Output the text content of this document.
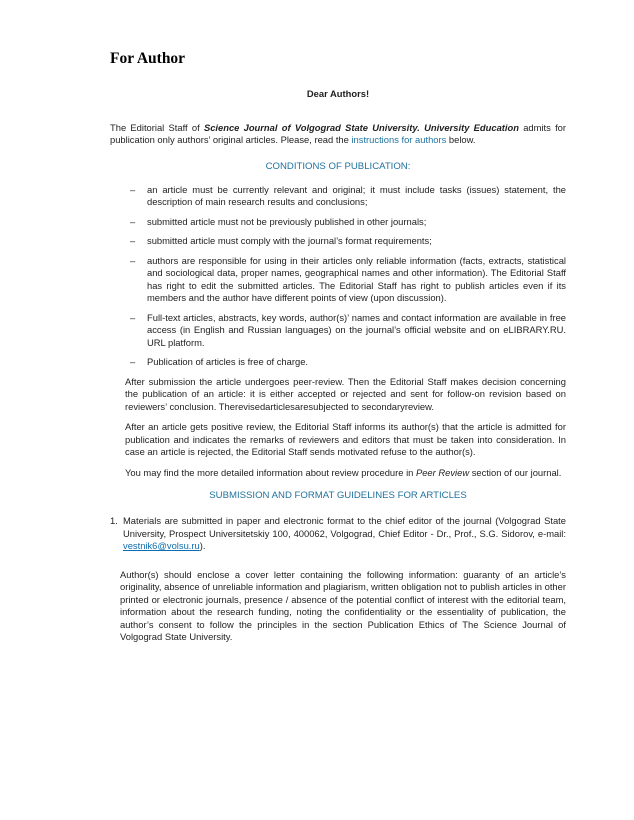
For Author

Dear Authors!

The Editorial Staff of Science Journal of Volgograd State University. University Education admits for publication only authors’ original articles. Please, read the instructions for authors below.

CONDITIONS OF PUBLICATION:
–	an article must be currently relevant and original; it must include tasks (issues) statement, the description of main research results and conclusions;
–	submitted article must not be previously published in other journals;
–	submitted article must comply with the journal’s format requirements;
–	authors are responsible for using in their articles only reliable information (facts, extracts, statistical and sociological data, proper names, geographical names and other information). The Editorial Staff has right to edit the submitted articles. The Editorial Staff has right to publish articles even if its members and the author have different points of view (upon discussion).
–	Full-text articles, abstracts, key words, author(s)’ names and contact information are available in free access (in English and Russian languages) on the journal’s official website and on eLIBRARY.RU. URL platform.
–	Publication of articles is free of charge.

After submission the article undergoes peer-review. Then the Editorial Staff makes decision concerning the publication of an article: it is either accepted or rejected and sent for follow-on revision based on reviewers’ conclusion. Therevisedarticlesaresubjected to secondaryreview.

After an article gets positive review, the Editorial Staff informs its author(s) that the article is admitted for publication and indicates the remarks of reviewers and editors that must be taken into consideration. In case an article is rejected, the Editorial Staff sends motivated refuse to the author(s).

You may find the more detailed information about review procedure in Peer Review section of our journal.

SUBMISSION AND FORMAT GUIDELINES FOR ARTICLES
1. Materials are submitted in paper and electronic format to the chief editor of the journal (Volgograd State University, Prospect Universitetskiy 100, 400062, Volgograd, Chief Editor - Dr., Prof., S.G. Sidorov, e-mail: vestnik6@volsu.ru).

Author(s) should enclose a cover letter containing the following information: guaranty of an article’s originality, absence of unreliable information and plagiarism, written obligation not to publish articles in other printed or electronic journals, presence / absence of the potential conflict of interest with the editorial team, information about the research funding, noting the confidentiality or the essentiality of publication, the author’s consent to follow the principles in the section Publication Ethics of The Science Journal of Volgograd State University.
